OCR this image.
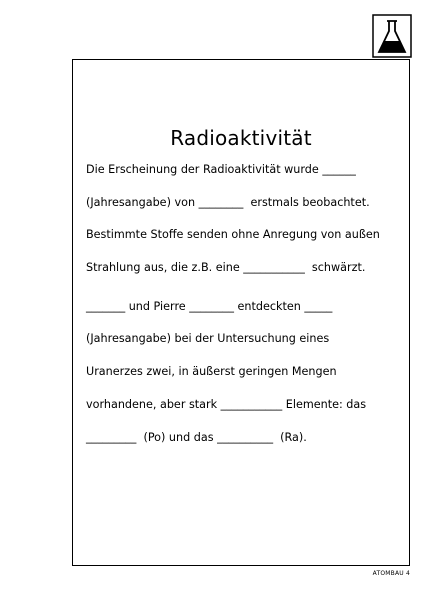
Radioaktivität

Die Erscheinung der Radioaktivität wurde ______

(Jahresangabe) von ________  erstmals beobachtet.

Bestimmte Stoffe senden ohne Anregung von außen

Strahlung aus, die z.B. eine ___________  schwärzt.

_______ und Pierre ________ entdeckten _____

(Jahresangabe) bei der Untersuchung eines

Uranerzes zwei, in äußerst geringen Mengen

vorhandene, aber stark ___________ Elemente: das

_________  (Po) und das __________  (Ra).

ATOMBAU 4
